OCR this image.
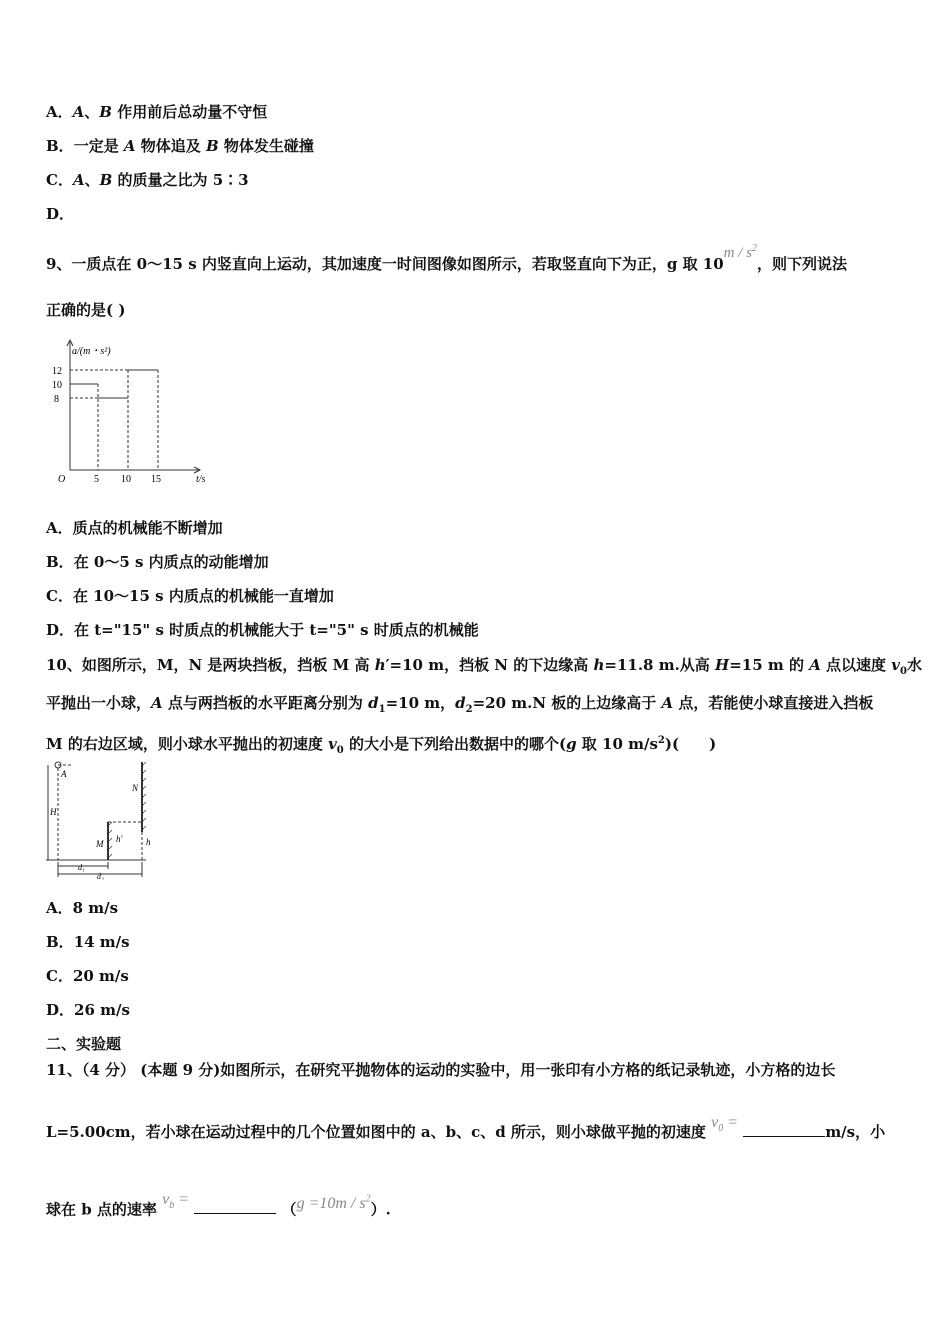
A．A、B 作用前后总动量不守恒
B．一定是 A 物体追及 B 物体发生碰撞
C．A、B 的质量之比为 5∶3
D．
9、一质点在 0～15 s 内竖直向上运动，其加速度一时间图像如图所示，若取竖直向下为正，g 取 $10m / s^2$，则下列说法
正确的是( )
a/(m・s²)
12
10
8
O	5 10 15	t/s
A．质点的机械能不断增加
B．在 0～5 s 内质点的动能增加
C．在 10～15 s 内质点的机械能一直增加
D．在 t="15" s 时质点的机械能大于 t="5" s 时质点的机械能
10、如图所示，M，N 是两块挡板，挡板 M 高 h′=10 m，挡板 N 的下边缘高 h=11.8 m.从高 H=15 m 的 A 点以速度 $v_0$水
平抛出一小球，A 点与两挡板的水平距离分别为 $d_1=10$ m，$d_2=20$ m.N 板的上边缘高于 A 点，若能使小球直接进入挡板
M 的右边区域，则小球水平抛出的初速度 $v_0$ 的大小是下列给出数据中的哪个(g 取 10 $m/s^2$)(　　)
A
N
M
H
h
h′
d₁
d₂
A．8 m/s
B．14 m/s
C．20 m/s
D．26 m/s
二、实验题
11、（4 分） (本题 9 分)如图所示，在研究平抛物体的运动的实验中，用一张印有小方格的纸记录轨迹，小方格的边长
L=5.00cm，若小球在运动过程中的几个位置如图中的 a、b、c、d 所示，则小球做平抛的初速度 $v_0 = m/s$，小
球在 b 点的速率 $v_b = (g =10m / s^2)$.
